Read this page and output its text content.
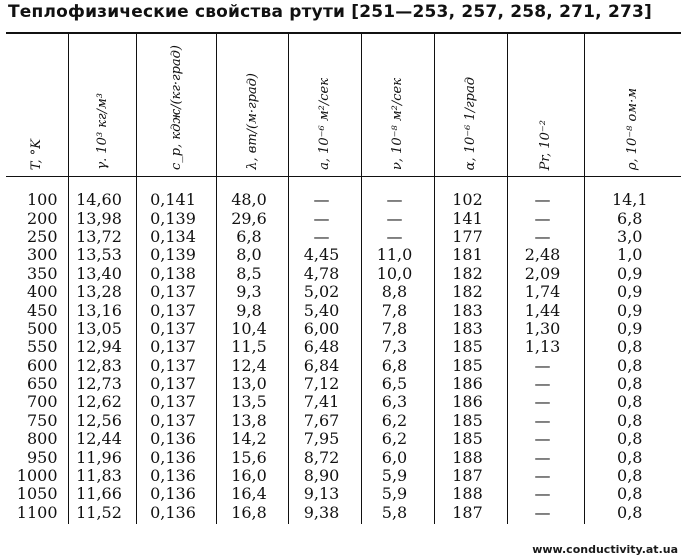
Теплофизические свойства ртути [251—253, 257, 258, 271, 273]
T, °K	γ. 10³ кг/м³	c_p, кдж/(кг·град)	λ, вт/(м·град)	a, 10⁻⁶ м²/сек	ν, 10⁻⁸ м²/сек	α, 10⁻⁶ 1/град	Pr, 10⁻²	ρ, 10⁻⁸ ом·м

100	14,60	0,141	48,0	—	—	102	—	14,1
200	13,98	0,139	29,6	—	—	141	—	6,8
250	13,72	0,134	6,8	—	—	177	—	3,0
300	13,53	0,139	8,0	4,45	11,0	181	2,48	1,0
350	13,40	0,138	8,5	4,78	10,0	182	2,09	0,9
400	13,28	0,137	9,3	5,02	8,8	182	1,74	0,9
450	13,16	0,137	9,8	5,40	7,8	183	1,44	0,9
500	13,05	0,137	10,4	6,00	7,8	183	1,30	0,9
550	12,94	0,137	11,5	6,48	7,3	185	1,13	0,8
600	12,83	0,137	12,4	6,84	6,8	185	—	0,8
650	12,73	0,137	13,0	7,12	6,5	186	—	0,8
700	12,62	0,137	13,5	7,41	6,3	186	—	0,8
750	12,56	0,137	13,8	7,67	6,2	185	—	0,8
800	12,44	0,136	14,2	7,95	6,2	185	—	0,8
950	11,96	0,136	15,6	8,72	6,0	188	—	0,8
1000	11,83	0,136	16,0	8,90	5,9	187	—	0,8
1050	11,66	0,136	16,4	9,13	5,9	188	—	0,8
1100	11,52	0,136	16,8	9,38	5,8	187	—	0,8
www.conductivity.at.ua
